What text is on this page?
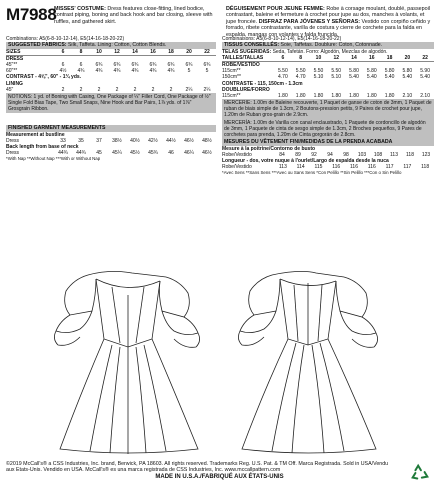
M7988
MISSES' COSTUME: Dress features close-fitting, lined bodice, contrast piping, boning and back hook and bar closing, sleeve with ruffles, and gathered skirt.
DÉGUISEMENT POUR JEUNE FEMME: Robe à corsage moulant, doublé, passepoil contrastant, baleine et fermeture à crochet pour jupe au dos, manches à volants, et jupe froncée. DISFRAZ PARA JÓVENES Y SEÑORAS: Vestido con corpiño ceñido y forrado, ribete contrastante, varilla de costura y cierre de corchete para la falda en espalda, mangas con volantes y falda fruncida.
Combinations: A5(6-8-10-12-14), E5(14-16-18-20-22)
SUGGESTED FABRICS: Silk, Taffeta. Lining: Cotton, Cotton Blends.
SIZES	6	8	10	12	14	16	18	20	22
DRESS
45"**	6	6	6¾	6¾	6¾	6¾	6¾	6¾	6¾
60"**	4½	4¾	4¾	4¾	4¾	4¾	4¾	5	5
CONTRAST - 4⅝", 60" - 1¾ yds.
LINING
45"	2	2	2	2	2	2	2	2¼	2¼
NOTIONS: 1 yd. of Boning with Casing, One Package of ¼" Filler Cord, One Package of ½" Single Fold Bias Tape, Two Small Snaps, Nine Hook and Bar Pairs, 1⅞ yds. of 1⅞" Grosgrain Ribbon.
FINISHED GARMENT MEASUREMENTS
Measurement at bustline
Dress	33	35	37	38½	40½	42½	44½	46½	48½
Back length from base of neck
Dress	44¾	44¾	45	45¼	45½	45¾	46	46¼	46½
*With Nap **Without Nap ***With or Without Nap
Combinaisons: A5(6-8-10-12-14), E5(14-16-18-20-22)
TISSUS CONSEILLÉS: Soie, Taffetas. Doublure: Coton, Cotonnade.
TELAS SUGERIDAS: Seda, Tafetán. Forro: Algodón, Mezclas de algodón.
TAILLES/TALLAS	6	8	10	12	14	16	18	20	22
ROBE/VESTIDO
115cm**	5.50	5.50	5.50	5.50	5.80	5.80	5.80	5.80	5.90
150cm**	4.70	4.70	5.10	5.10	5.40	5.40	5.40	5.40	5.40
CONTRASTE - 115, 150cm - 1.3cm
DOUBLURE/FORRO
115cm**	1.80	1.80	1.80	1.80	1.80	1.80	1.80	2.10	2.10
MERCERIE: 1.00m de Baleine recouverte, 1 Paquet de ganse de coton de 3mm, 1 Paquet de ruban de biais simple de 1.3cm, 2 Boutons-pression petits, 9 Paires de crochet pour jupe, 1.20m de Ruban gros-grain de 2.9cm.
MERCERÍA: 1.00m de Varilla con canal enclaustrado, 1 Paquete de cordoncillo de algodón de 3mm, 1 Paquete de cinta de sesgo simple de 1.3cm, 2 Broches pequeños, 9 Pares de corchetes para prenda, 1.20m de Cinta gorgorán de 2.8cm.
MESURES DU VÊTEMENT FINI/MEDIDAS DE LA PRENDA ACABADA
Mesure à la poitrine/Contorno de busto
Robe/Vestido	84	89	92	94	98	103	108	113	118	123
Longueur - dos, votre nuque à l'ourlet/Largo de espalda desde la nuca
Robe/Vestido	113	114	115	116	116	116	117	117	118
*Avec Sens **Sans Sens ***Avec ou Sans Sens *Con Pelillo **Sin Pelillo ***Con o Sin Pelillo
©2019 McCall's® a CSS Industries, Inc. brand, Berwick, PA 18603. All rights reserved. Trademarks Reg. U.S. Pat. & TM Off. Marca Registrada. Sold in USA/Vendu aux Etats-Unis. Vendido en USA. McCall's® es una marca registrada de CSS Industries, Inc. www.mccallpattern.com
MADE IN U.S.A./FABRIQUÉ AUX ÉTATS-UNIS
